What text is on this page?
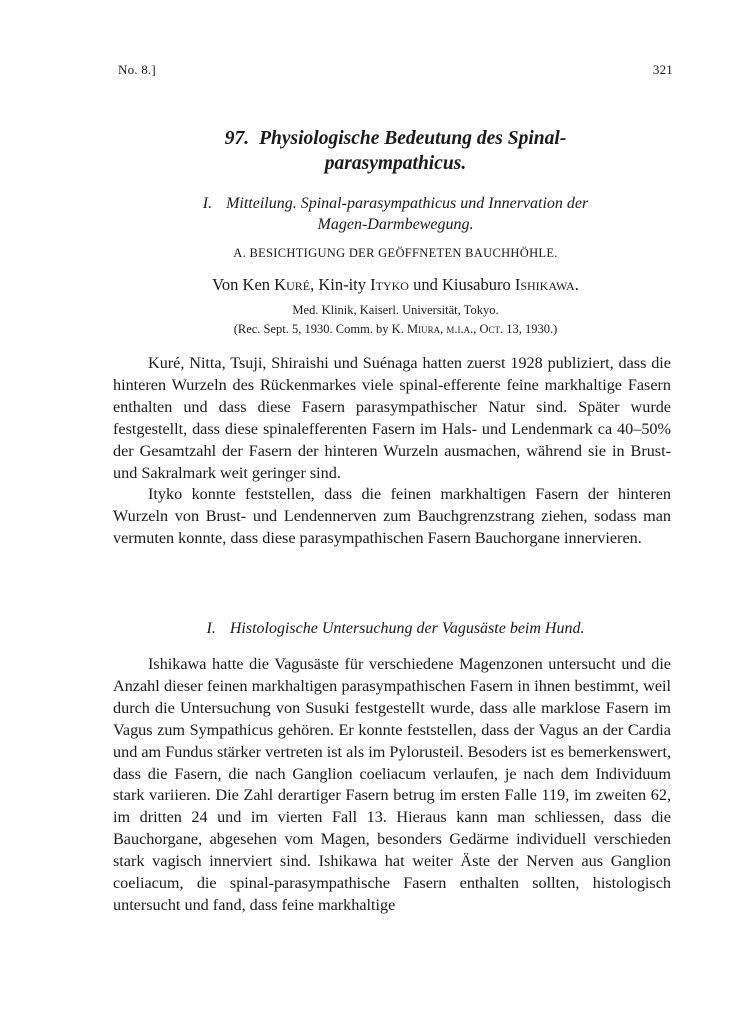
No. 8.]	321
97. Physiologische Bedeutung des Spinal-
parasympathicus.
I. Mitteilung. Spinal-parasympathicus und Innervation der
Magen-Darmbewegung.
A. BESICHTIGUNG DER GEÖFFNETEN BAUCHHÖHLE.
Von Ken Kuré, Kin-ity Ityko und Kiusaburo Ishikawa.
Med. Klinik, Kaiserl. Universität, Tokyo.
(Rec. Sept. 5, 1930. Comm. by K. Miura, m.i.a., Oct. 13, 1930.)

Kuré, Nitta, Tsuji, Shiraishi und Suénaga hatten zuerst 1928 publiziert, dass die hinteren Wurzeln des Rückenmarkes viele spinal-efferente feine markhaltige Fasern enthalten und dass diese Fasern parasympathischer Natur sind. Später wurde festgestellt, dass diese spinalefferenten Fasern im Hals- und Lendenmark ca 40–50% der Gesamtzahl der Fasern der hinteren Wurzeln ausmachen, während sie in Brust- und Sakralmark weit geringer sind.

Ityko konnte feststellen, dass die feinen markhaltigen Fasern der hinteren Wurzeln von Brust- und Lendennerven zum Bauchgrenzstrang ziehen, sodass man vermuten konnte, dass diese parasympathischen Fasern Bauchorgane innervieren.

I. Histologische Untersuchung der Vagusäste beim Hund.

Ishikawa hatte die Vagusäste für verschiedene Magenzonen untersucht und die Anzahl dieser feinen markhaltigen parasympathischen Fasern in ihnen bestimmt, weil durch die Untersuchung von Susuki festgestellt wurde, dass alle marklose Fasern im Vagus zum Sympathicus gehören. Er konnte feststellen, dass der Vagus an der Cardia und am Fundus stärker vertreten ist als im Pylorusteil. Besoders ist es bemerkenswert, dass die Fasern, die nach Ganglion coeliacum verlaufen, je nach dem Individuum stark variieren. Die Zahl derartiger Fasern betrug im ersten Falle 119, im zweiten 62, im dritten 24 und im vierten Fall 13. Hieraus kann man schliessen, dass die Bauchorgane, abgesehen vom Magen, besonders Gedärme individuell verschieden stark vagisch innerviert sind. Ishikawa hat weiter Äste der Nerven aus Ganglion coeliacum, die spinal-parasympathische Fasern enthalten sollten, histologisch untersucht und fand, dass feine markhaltige
